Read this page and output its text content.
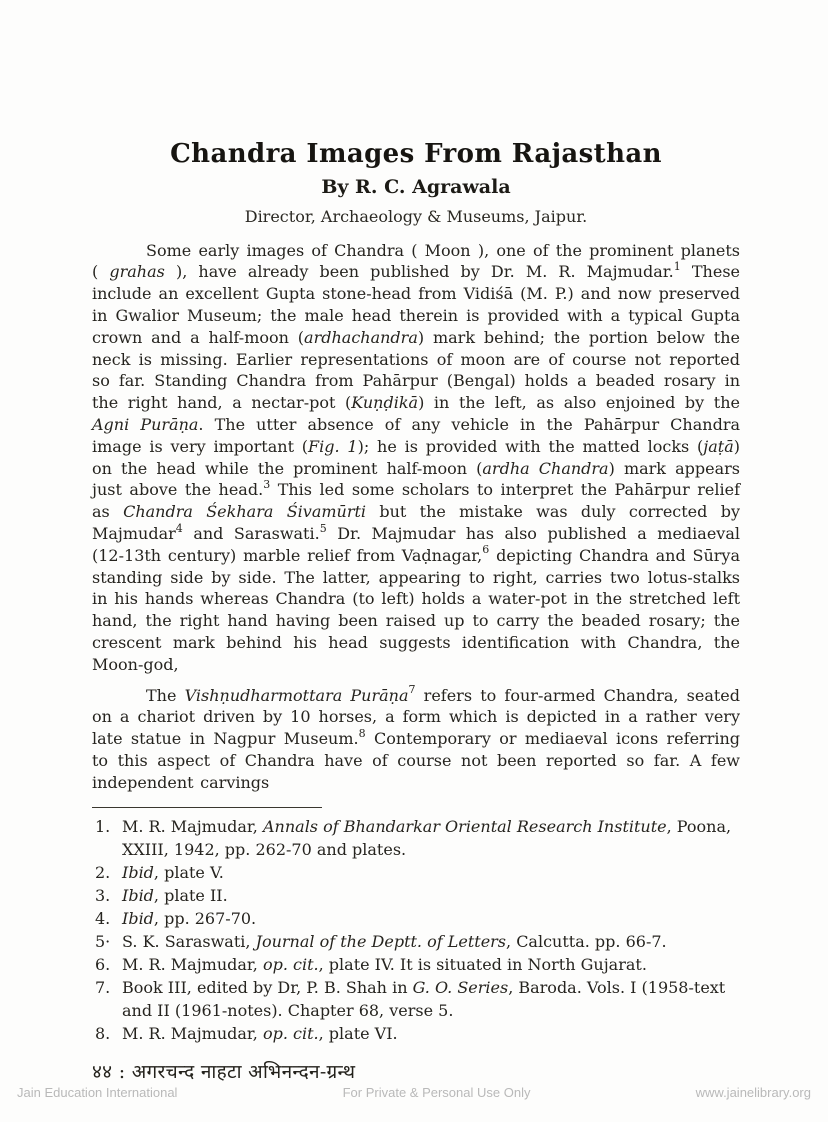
Chandra Images From Rajasthan
By R. C. Agrawala
Director, Archaeology & Museums, Jaipur.

Some early images of Chandra ( Moon ), one of the prominent planets ( grahas ), have already been published by Dr. M. R. Majmudar.$^1$ These include an excellent Gupta stone-head from Vidiśā (M. P.) and now preserved in Gwalior Museum; the male head therein is provided with a typical Gupta crown and a half-moon (ardhachandra) mark behind; the portion below the neck is missing. Earlier representations of moon are of course not reported so far. Standing Chandra from Pahārpur (Bengal) holds a beaded rosary in the right hand, a nectar-pot (Kuṇḍikā) in the left, as also enjoined by the Agni Purāṇa. The utter absence of any vehicle in the Pahārpur Chandra image is very important (Fig. 1); he is provided with the matted locks (jaṭā) on the head while the prominent half-moon (ardha Chandra) mark appears just above the head.$^3$ This led some scholars to interpret the Pahārpur relief as Chandra Śekhara Śivamūrti but the mistake was duly corrected by Majmudar$^4$ and Saraswati.$^5$ Dr. Majmudar has also published a mediaeval (12-13th century) marble relief from Vaḍnagar,$^6$ depicting Chandra and Sūrya standing side by side. The latter, appearing to right, carries two lotus-stalks in his hands whereas Chandra (to left) holds a water-pot in the stretched left hand, the right hand having been raised up to carry the beaded rosary; the crescent mark behind his head suggests identification with Chandra, the Moon-god,

The Vishṇudharmottara Purāṇa$^7$ refers to four-armed Chandra, seated on a chariot driven by 10 horses, a form which is depicted in a rather very late statue in Nagpur Museum.$^8$ Contemporary or mediaeval icons referring to this aspect of Chandra have of course not been reported so far. A few independent carvings

1. M. R. Majmudar, Annals of Bhandarkar Oriental Research Institute, Poona, XXIII, 1942, pp. 262-70 and plates.
2. Ibid, plate V.
3. Ibid, plate II.
4. Ibid, pp. 267-70.
5· S. K. Saraswati, Journal of the Deptt. of Letters, Calcutta. pp. 66-7.
6. M. R. Majmudar, op. cit., plate IV. It is situated in North Gujarat.
7. Book III, edited by Dr, P. B. Shah in G. O. Series, Baroda. Vols. I (1958-text and II (1961-notes). Chapter 68, verse 5.
8. M. R. Majmudar, op. cit., plate VI.
४४ : अगरचन्द नाहटा अभिनन्दन-ग्रन्थ
Jain Education International	For Private & Personal Use Only	www.jainelibrary.org
